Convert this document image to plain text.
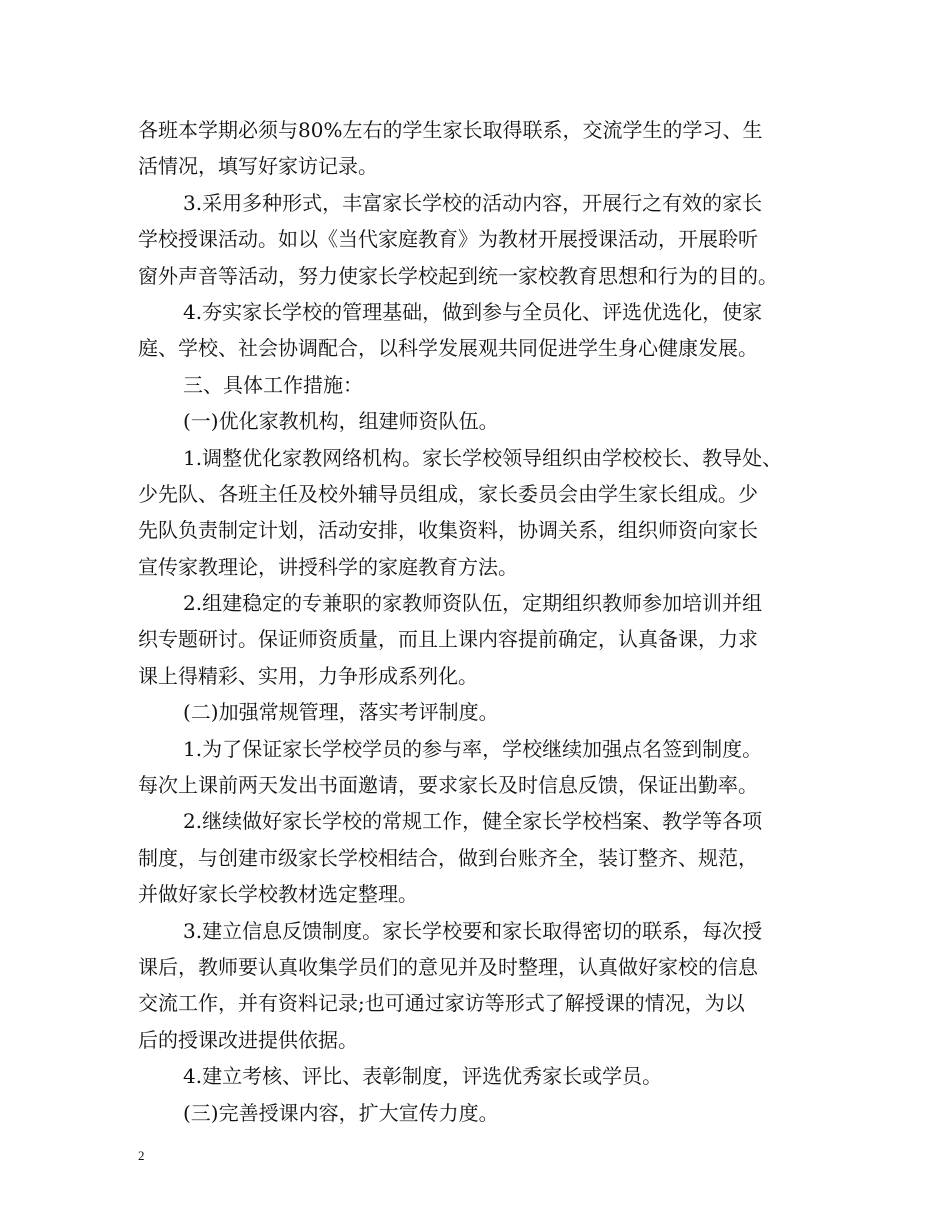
各班本学期必须与80%左右的学生家长取得联系，交流学生的学习、生
活情况，填写好家访记录。
3.采用多种形式，丰富家长学校的活动内容，开展行之有效的家长
学校授课活动。如以《当代家庭教育》为教材开展授课活动，开展聆听
窗外声音等活动，努力使家长学校起到统一家校教育思想和行为的目的。
4.夯实家长学校的管理基础，做到参与全员化、评选优选化，使家
庭、学校、社会协调配合，以科学发展观共同促进学生身心健康发展。
三、具体工作措施：
(一)优化家教机构，组建师资队伍。
1.调整优化家教网络机构。家长学校领导组织由学校校长、教导处、
少先队、各班主任及校外辅导员组成，家长委员会由学生家长组成。少
先队负责制定计划，活动安排，收集资料，协调关系，组织师资向家长
宣传家教理论，讲授科学的家庭教育方法。
2.组建稳定的专兼职的家教师资队伍，定期组织教师参加培训并组
织专题研讨。保证师资质量，而且上课内容提前确定，认真备课，力求
课上得精彩、实用，力争形成系列化。
(二)加强常规管理，落实考评制度。
1.为了保证家长学校学员的参与率，学校继续加强点名签到制度。
每次上课前两天发出书面邀请，要求家长及时信息反馈，保证出勤率。
2.继续做好家长学校的常规工作，健全家长学校档案、教学等各项
制度，与创建市级家长学校相结合，做到台账齐全，装订整齐、规范，
并做好家长学校教材选定整理。
3.建立信息反馈制度。家长学校要和家长取得密切的联系，每次授
课后，教师要认真收集学员们的意见并及时整理，认真做好家校的信息
交流工作，并有资料记录;也可通过家访等形式了解授课的情况，为以
后的授课改进提供依据。
4.建立考核、评比、表彰制度，评选优秀家长或学员。
(三)完善授课内容，扩大宣传力度。
2
